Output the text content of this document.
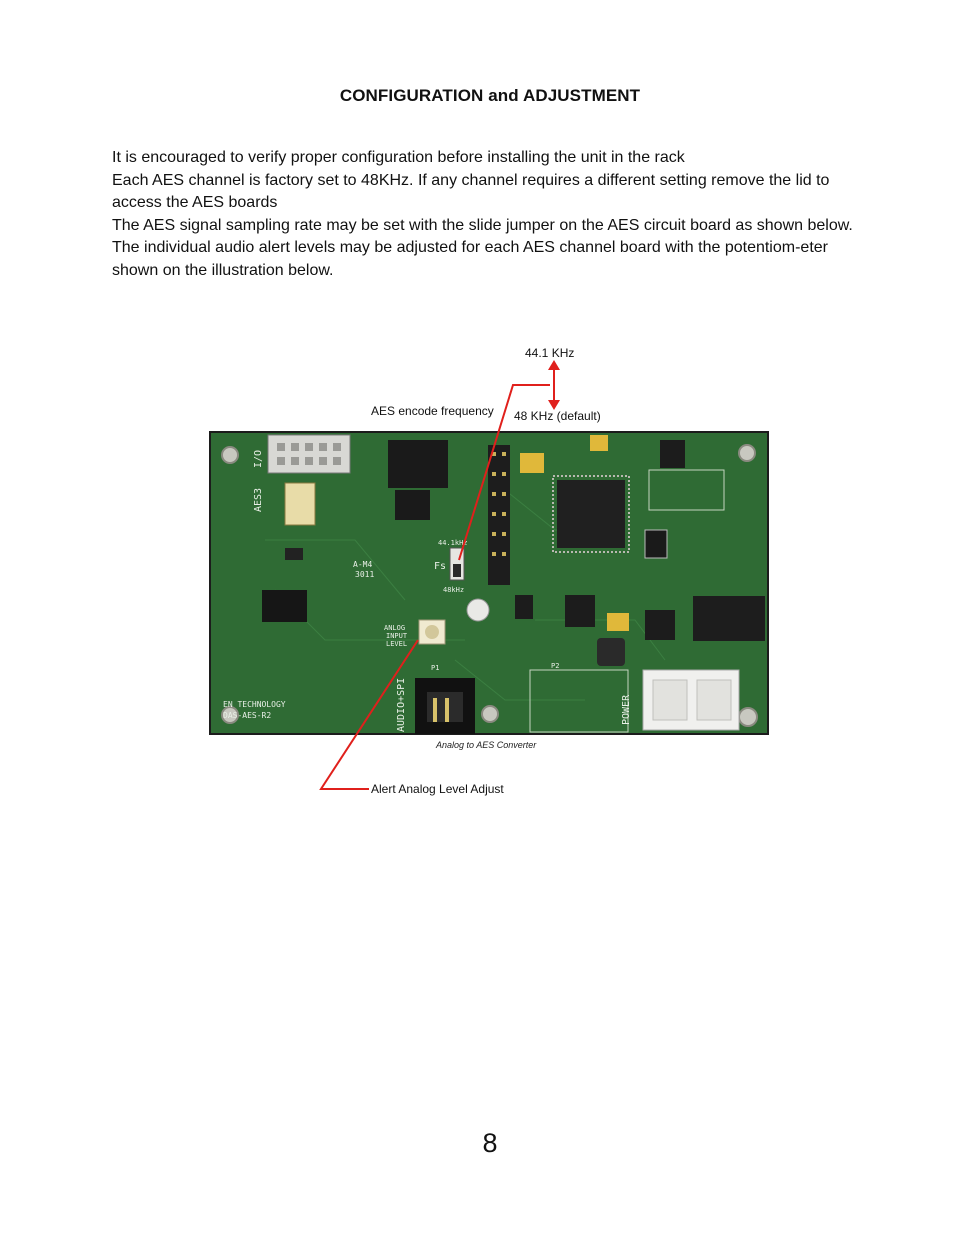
CONFIGURATION and ADJUSTMENT

It is encouraged to verify proper configuration before installing the unit in the rack

Each AES channel is factory set to 48KHz. If any channel requires a different setting remove the lid to access the AES boards

The AES signal sampling rate may be set with the slide jumper on the AES circuit board as shown below.

The individual audio alert levels may be adjusted for each AES channel board with the potentiom-eter shown on the illustration below.

I/O
AES3
Fs
44.1kHz
48kHz
ANLOG
INPUT
LEVEL
P1	P2
AUDIO+SPI	POWER
EN TECHNOLOGY
DAS-AES-R2
A-M4
3011
44.1 KHz
AES encode frequency 48 KHz (default)
Analog to AES Converter
Alert Analog Level Adjust
8
